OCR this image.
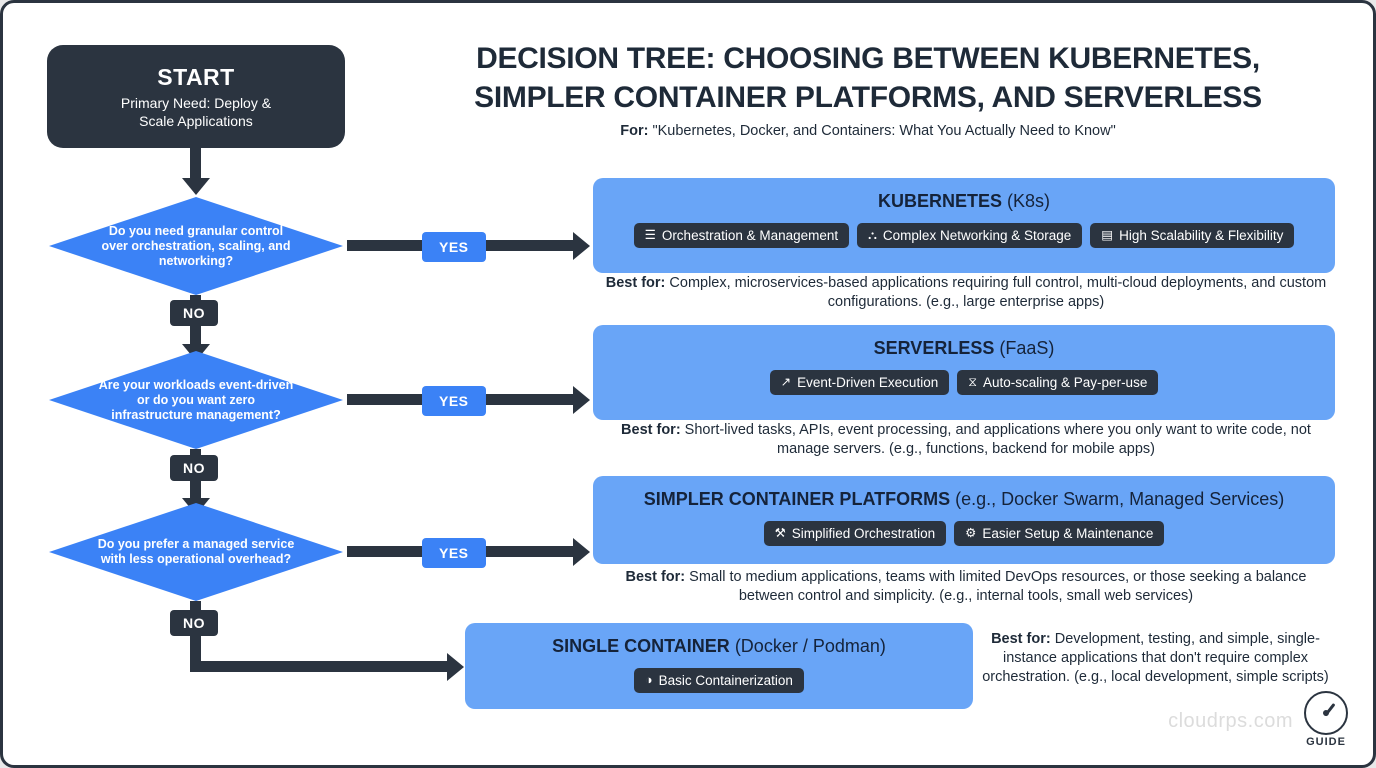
DECISION TREE: CHOOSING BETWEEN KUBERNETES,
SIMPLER CONTAINER PLATFORMS, AND SERVERLESS
For: "Kubernetes, Docker, and Containers: What You Actually Need to Know"
START
Primary Need: Deploy &
Scale Applications
Do you need granular control over orchestration, scaling, and networking?
YES
NO
Are your workloads event-driven or do you want zero infrastructure management?
YES
NO
Do you prefer a managed service with less operational overhead?	YES
NO
KUBERNETES (K8s)
☰ Orchestration & Management ⛬ Complex Networking & Storage ▤ High Scalability & Flexibility
Best for: Complex, microservices-based applications requiring full control, multi-cloud deployments, and custom configurations. (e.g., large enterprise apps)
SERVERLESS (FaaS)
↗ Event-Driven Execution ⧖ Auto-scaling & Pay-per-use
Best for: Short-lived tasks, APIs, event processing, and applications where you only want to write code, not manage servers. (e.g., functions, backend for mobile apps)
SIMPLER CONTAINER PLATFORMS (e.g., Docker Swarm, Managed Services)
⚒ Simplified Orchestration ⚙ Easier Setup & Maintenance
Best for: Small to medium applications, teams with limited DevOps resources, or those seeking a balance between control and simplicity. (e.g., internal tools, small web services)
SINGLE CONTAINER (Docker / Podman)
◑ Basic Containerization
Best for: Development, testing, and simple, single-instance applications that don't require complex orchestration. (e.g., local development, simple scripts)
cloudrps.com
GUIDE
